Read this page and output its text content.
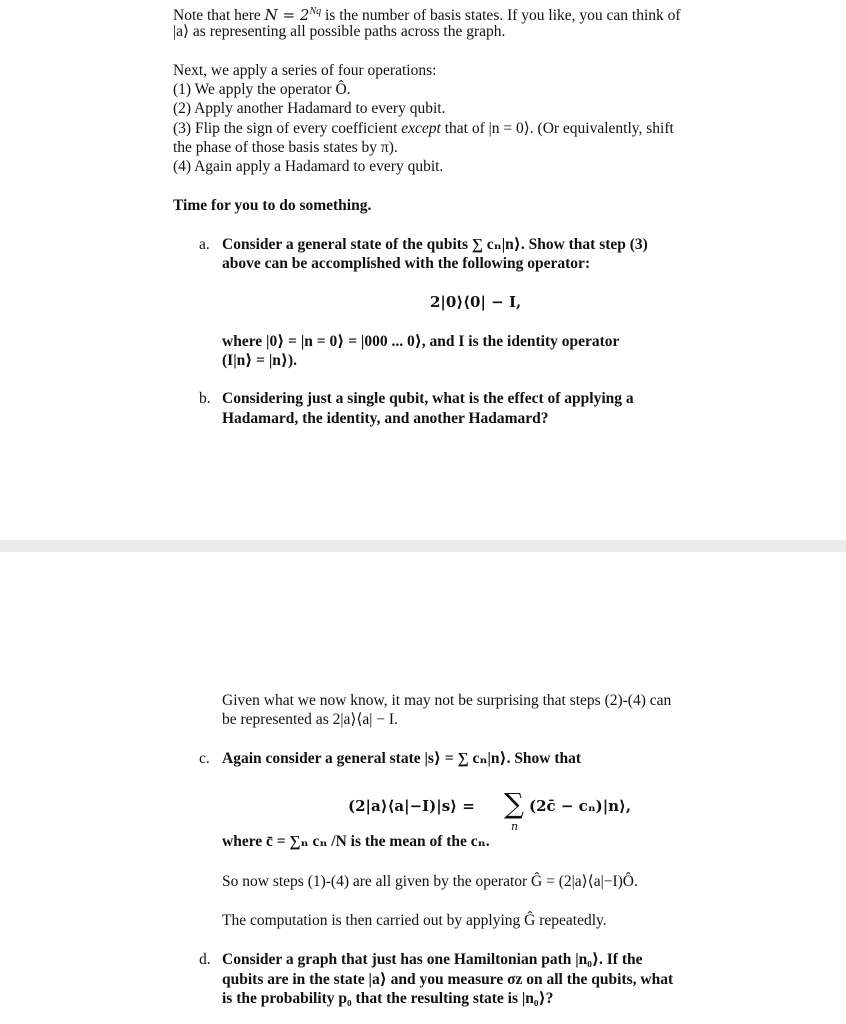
Note that here $N = 2^{Nq}$ is the number of basis states. If you like, you can think of
|a⟩ as representing all possible paths across the graph.
Next, we apply a series of four operations:
(1) We apply the operator Ô.
(2) Apply another Hadamard to every qubit.
(3) Flip the sign of every coefficient except that of |n = 0⟩. (Or equivalently, shift
the phase of those basis states by π).
(4) Again apply a Hadamard to every qubit.
Time for you to do something.
a. Consider a general state of the qubits ∑ cₙ|n⟩. Show that step (3)
above can be accomplished with the following operator:
2|0⟩⟨0| − I,
where |0⟩ = |n = 0⟩ = |000 ... 0⟩, and I is the identity operator
(I|n⟩ = |n⟩).
b. Considering just a single qubit, what is the effect of applying a
Hadamard, the identity, and another Hadamard?
Given what we now know, it may not be surprising that steps (2)-(4) can
be represented as 2|a⟩⟨a| − I.
c. Again consider a general state |s⟩ = ∑ cₙ|n⟩. Show that
(2|a⟩⟨a|−I)|s⟩ = ∑
n
(2c̄ − cₙ)|n⟩,
where c̄ = ∑ₙ cₙ /N is the mean of the cₙ.
So now steps (1)-(4) are all given by the operator Ĝ = (2|a⟩⟨a|−I)Ô.
The computation is then carried out by applying Ĝ repeatedly.
d. Consider a graph that just has one Hamiltonian path |n₀⟩. If the
qubits are in the state |a⟩ and you measure σz on all the qubits, what
is the probability p₀ that the resulting state is |n₀⟩?
